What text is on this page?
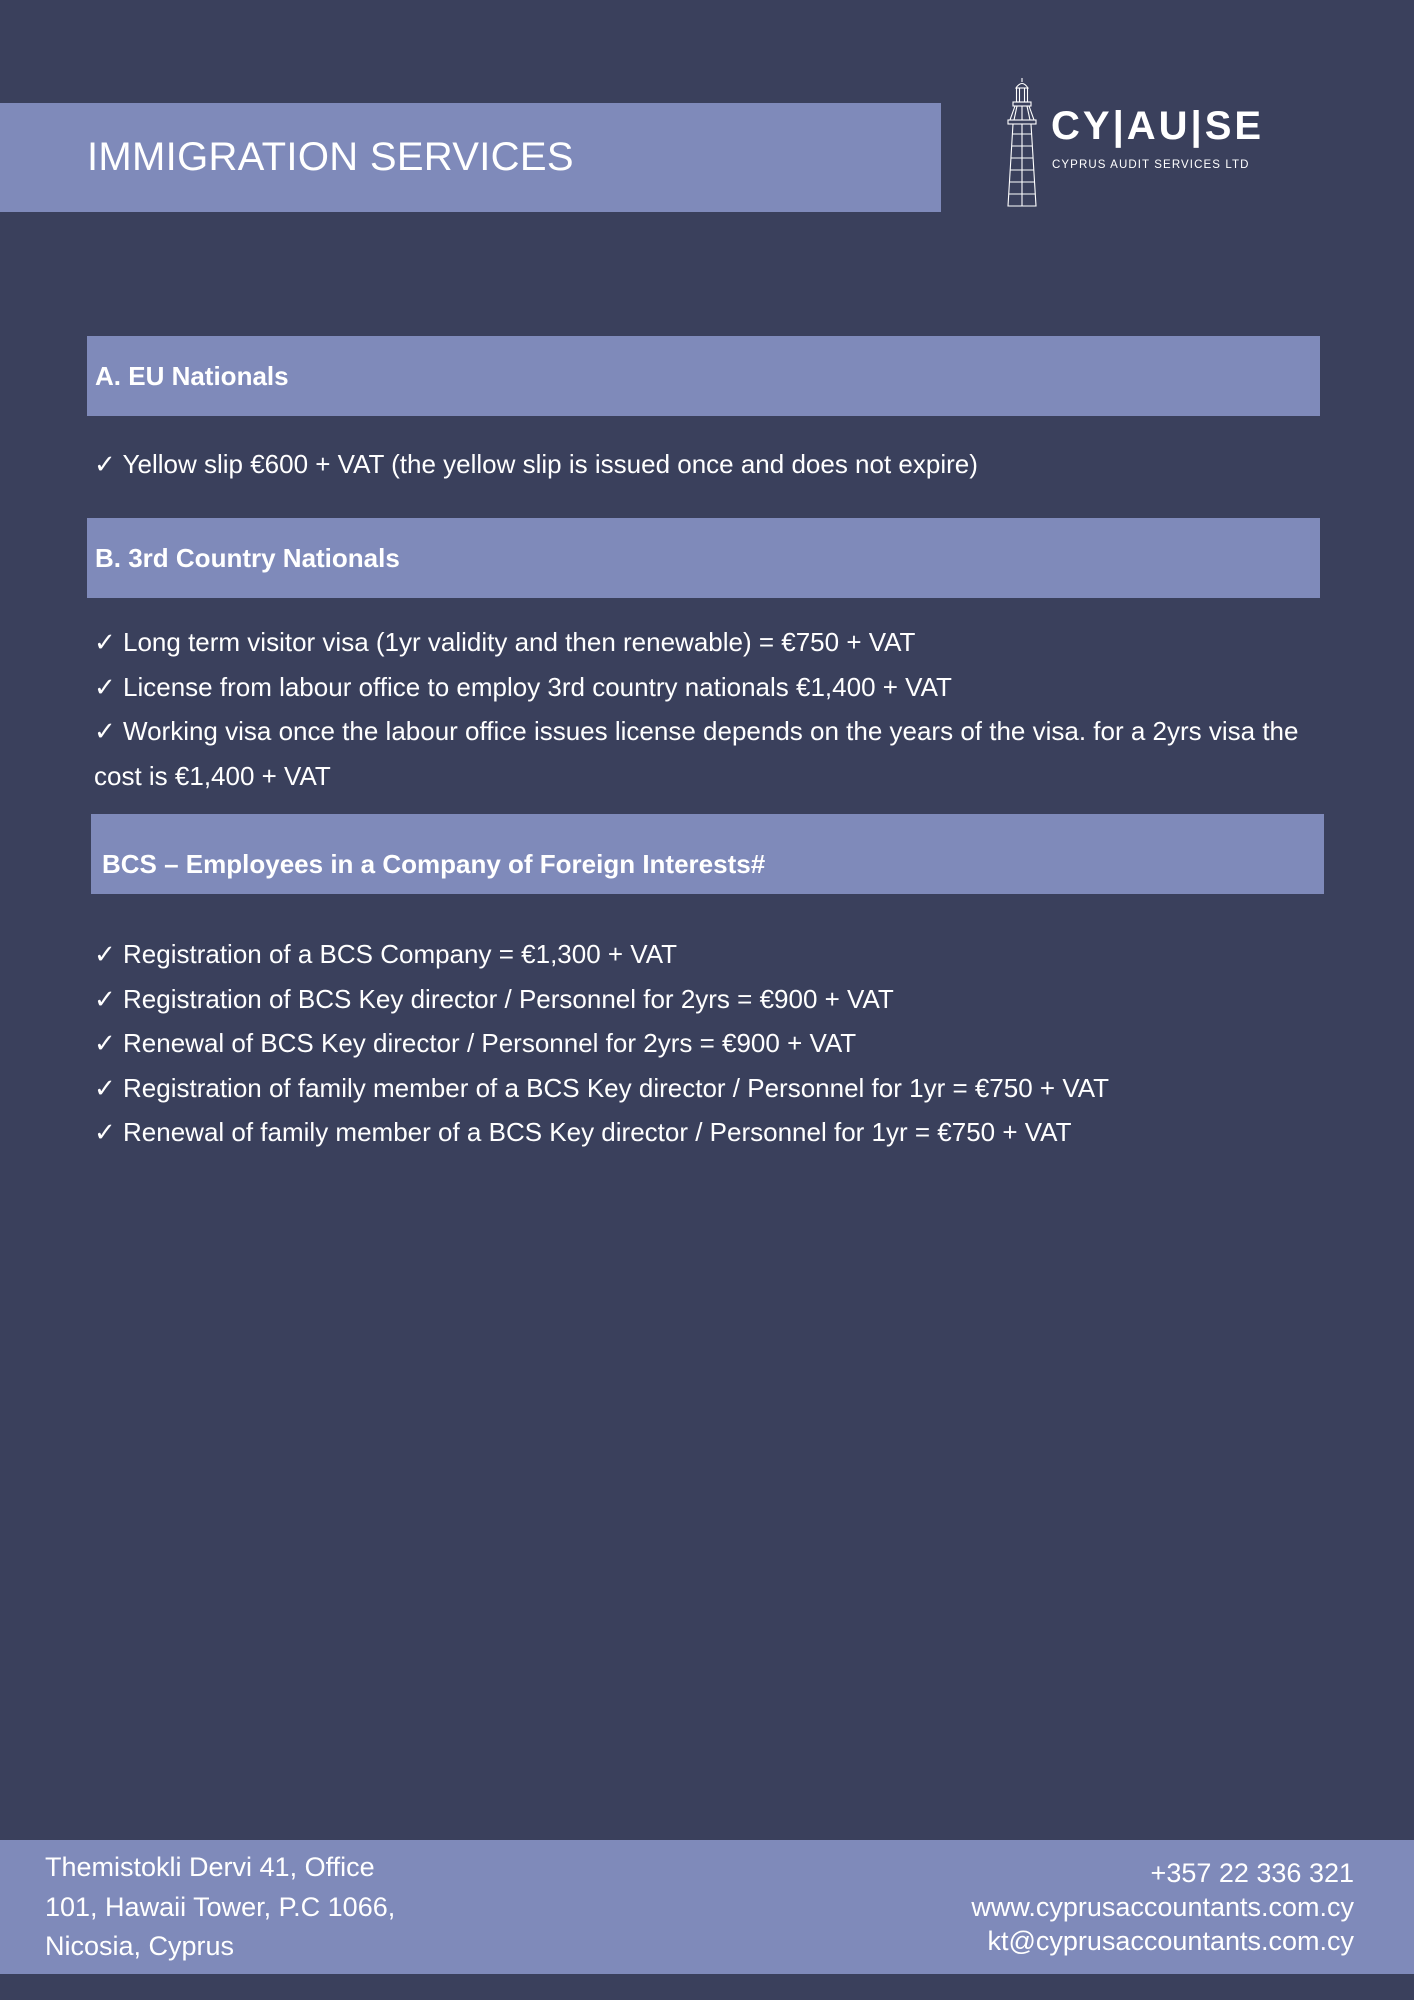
IMMIGRATION SERVICES
CY|AU|SE
CYPRUS AUDIT SERVICES LTD
A. EU Nationals
✓ Yellow slip €600 + VAT (the yellow slip is issued once and does not expire)
B. 3rd Country Nationals
✓ Long term visitor visa (1yr validity and then renewable) = €750 + VAT
✓ License from labour office to employ 3rd country nationals €1,400 + VAT
✓ Working visa once the labour office issues license depends on the years of the visa. for a 2yrs visa the cost is €1,400 + VAT
BCS – Employees in a Company of Foreign Interests#
✓ Registration of a BCS Company = €1,300 + VAT
✓ Registration of BCS Key director / Personnel for 2yrs = €900 + VAT
✓ Renewal of BCS Key director / Personnel for 2yrs = €900 + VAT
✓ Registration of family member of a BCS Key director / Personnel for 1yr = €750 + VAT
✓ Renewal of family member of a BCS Key director / Personnel for 1yr = €750 + VAT
Themistokli Dervi 41, Office
101, Hawaii Tower, P.C 1066,
Nicosia, Cyprus
+357 22 336 321
www.cyprusaccountants.com.cy
kt@cyprusaccountants.com.cy
